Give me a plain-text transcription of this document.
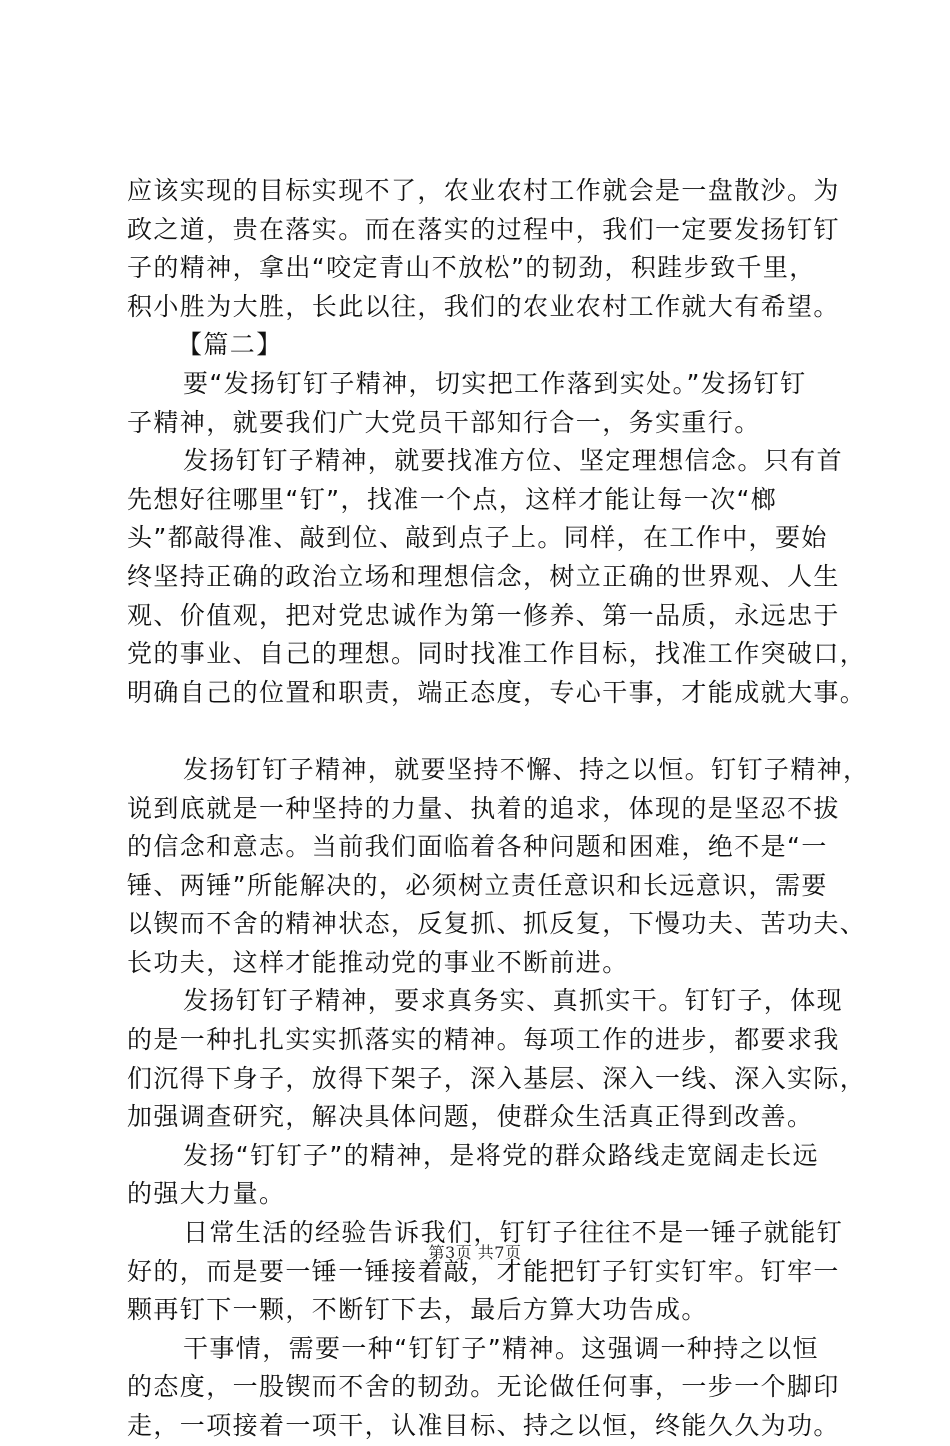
应该实现的目标实现不了，农业农村工作就会是一盘散沙。为
政之道，贵在落实。而在落实的过程中，我们一定要发扬钉钉
子的精神，拿出“咬定青山不放松”的韧劲，积跬步致千里，
积小胜为大胜，长此以往，我们的农业农村工作就大有希望。
【篇二】
要“发扬钉钉子精神，切实把工作落到实处。”发扬钉钉
子精神，就要我们广大党员干部知行合一，务实重行。
发扬钉钉子精神，就要找准方位、坚定理想信念。只有首
先想好往哪里“钉”，找准一个点，这样才能让每一次“榔
头”都敲得准、敲到位、敲到点子上。同样，在工作中，要始
终坚持正确的政治立场和理想信念，树立正确的世界观、人生
观、价值观，把对党忠诚作为第一修养、第一品质，永远忠于
党的事业、自己的理想。同时找准工作目标，找准工作突破口，
明确自己的位置和职责，端正态度，专心干事，才能成就大事。
发扬钉钉子精神，就要坚持不懈、持之以恒。钉钉子精神，
说到底就是一种坚持的力量、执着的追求，体现的是坚忍不拔
的信念和意志。当前我们面临着各种问题和困难，绝不是“一
锤、两锤”所能解决的，必须树立责任意识和长远意识，需要
以锲而不舍的精神状态，反复抓、抓反复，下慢功夫、苦功夫、
长功夫，这样才能推动党的事业不断前进。
发扬钉钉子精神，要求真务实、真抓实干。钉钉子，体现
的是一种扎扎实实抓落实的精神。每项工作的进步，都要求我
们沉得下身子，放得下架子，深入基层、深入一线、深入实际，
加强调查研究，解决具体问题，使群众生活真正得到改善。
发扬“钉钉子”的精神，是将党的群众路线走宽阔走长远
的强大力量。
日常生活的经验告诉我们，钉钉子往往不是一锤子就能钉
好的，而是要一锤一锤接着敲，才能把钉子钉实钉牢。钉牢一
颗再钉下一颗，不断钉下去，最后方算大功告成。
干事情，需要一种“钉钉子”精神。这强调一种持之以恒
的态度，一股锲而不舍的韧劲。无论做任何事，一步一个脚印
走，一项接着一项干，认准目标、持之以恒，终能久久为功。
第3页 共7页
